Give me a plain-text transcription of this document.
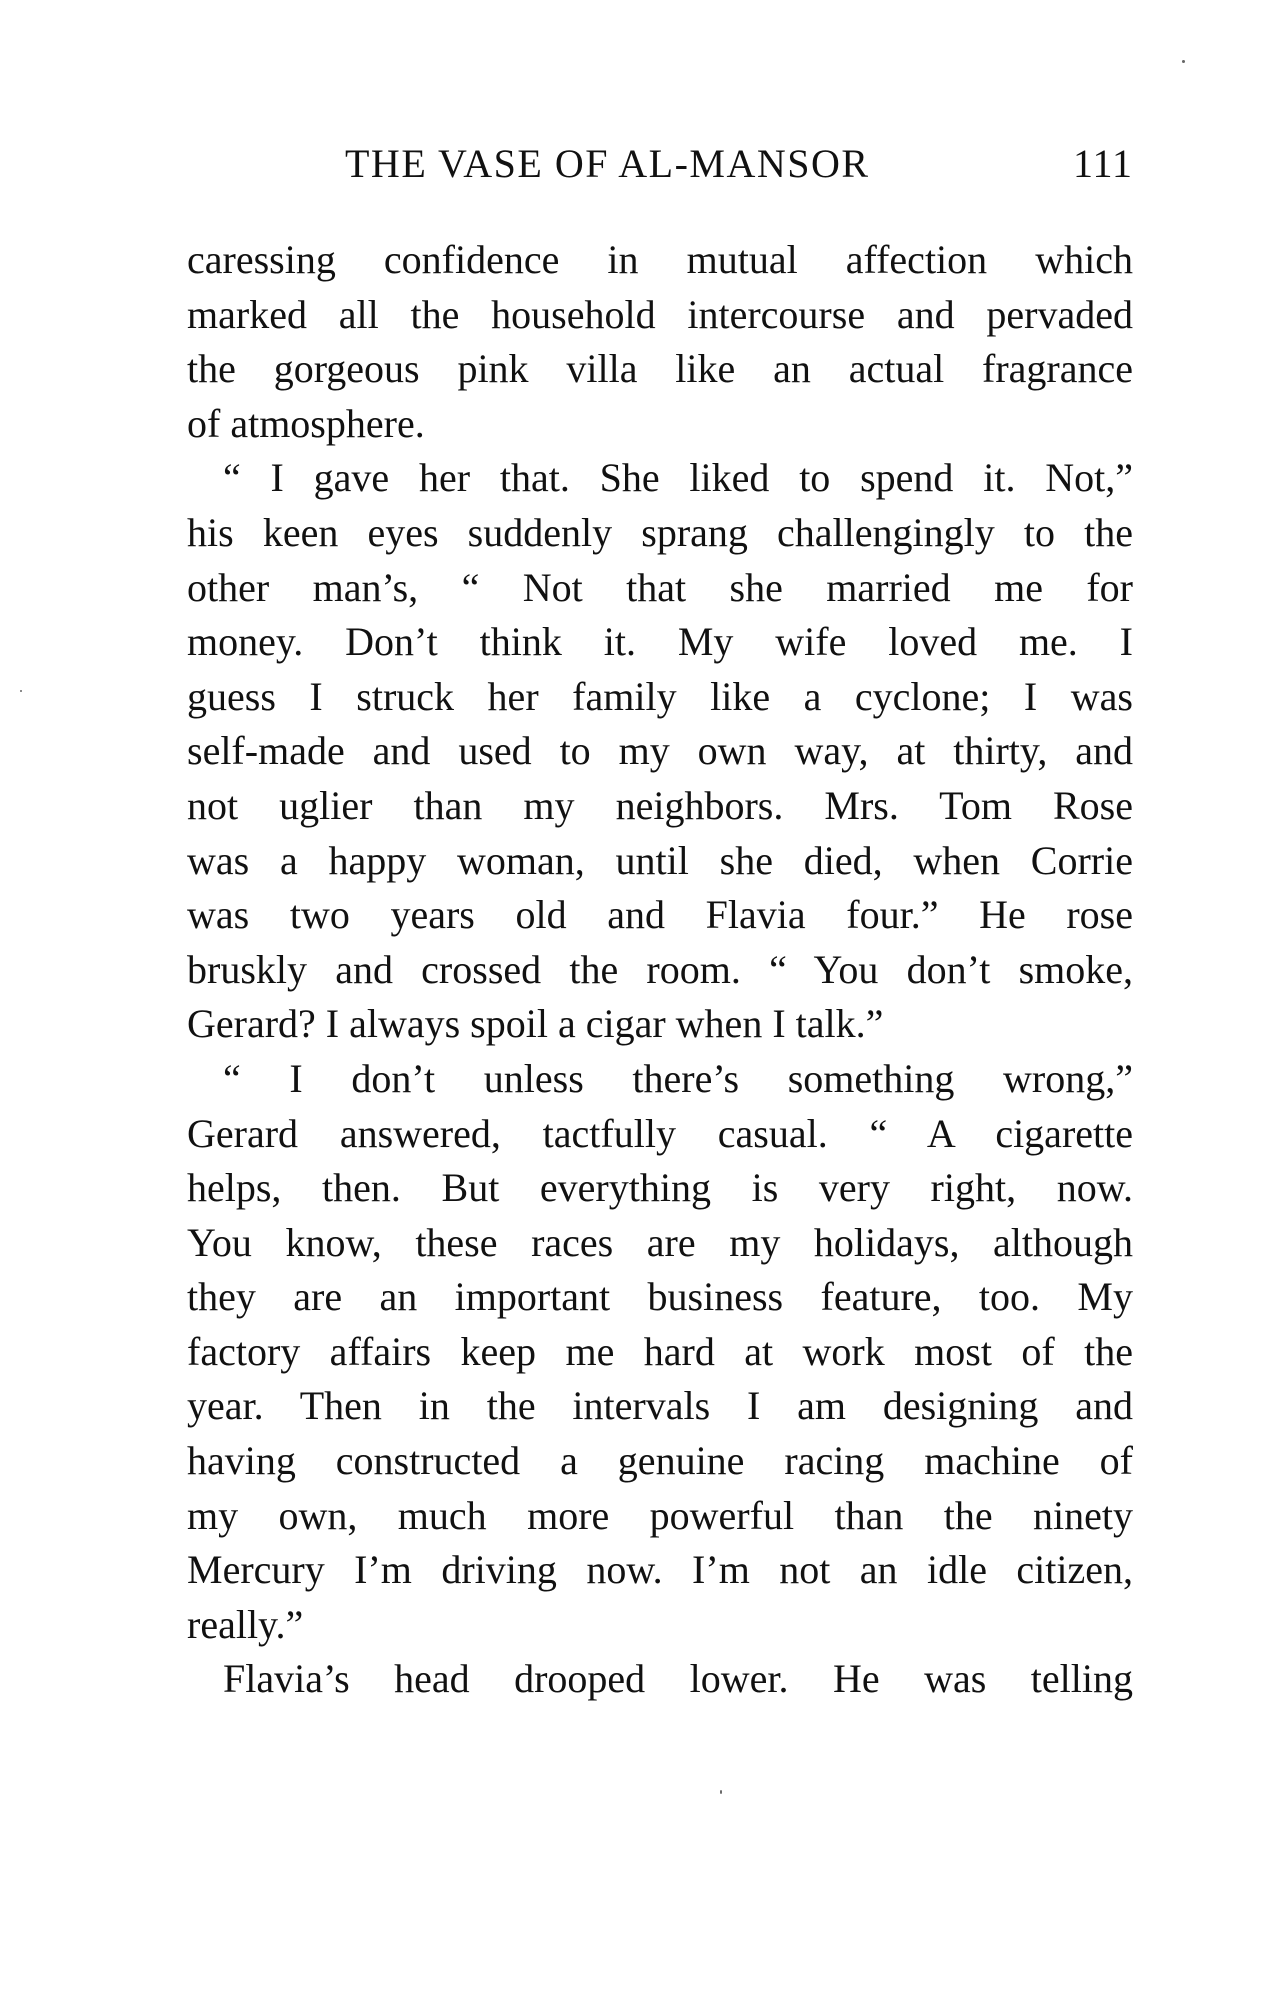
THE VASE OF AL-MANSOR	111
caressing confidence in mutual affection which
marked all the household intercourse and pervaded
the gorgeous pink villa like an actual fragrance
of atmosphere.
“ I gave her that. She liked to spend it. Not,”
his keen eyes suddenly sprang challengingly to the
other man’s, “ Not that she married me for
money. Don’t think it. My wife loved me. I
guess I struck her family like a cyclone; I was
self-made and used to my own way, at thirty, and
not uglier than my neighbors. Mrs. Tom Rose
was a happy woman, until she died, when Corrie
was two years old and Flavia four.” He rose
bruskly and crossed the room. “ You don’t smoke,
Gerard? I always spoil a cigar when I talk.”
“ I don’t unless there’s something wrong,”
Gerard answered, tactfully casual. “ A cigarette
helps, then. But everything is very right, now.
You know, these races are my holidays, although
they are an important business feature, too. My
factory affairs keep me hard at work most of the
year. Then in the intervals I am designing and
having constructed a genuine racing machine of
my own, much more powerful than the ninety
Mercury I’m driving now. I’m not an idle citizen,
really.”
Flavia’s head drooped lower. He was telling
